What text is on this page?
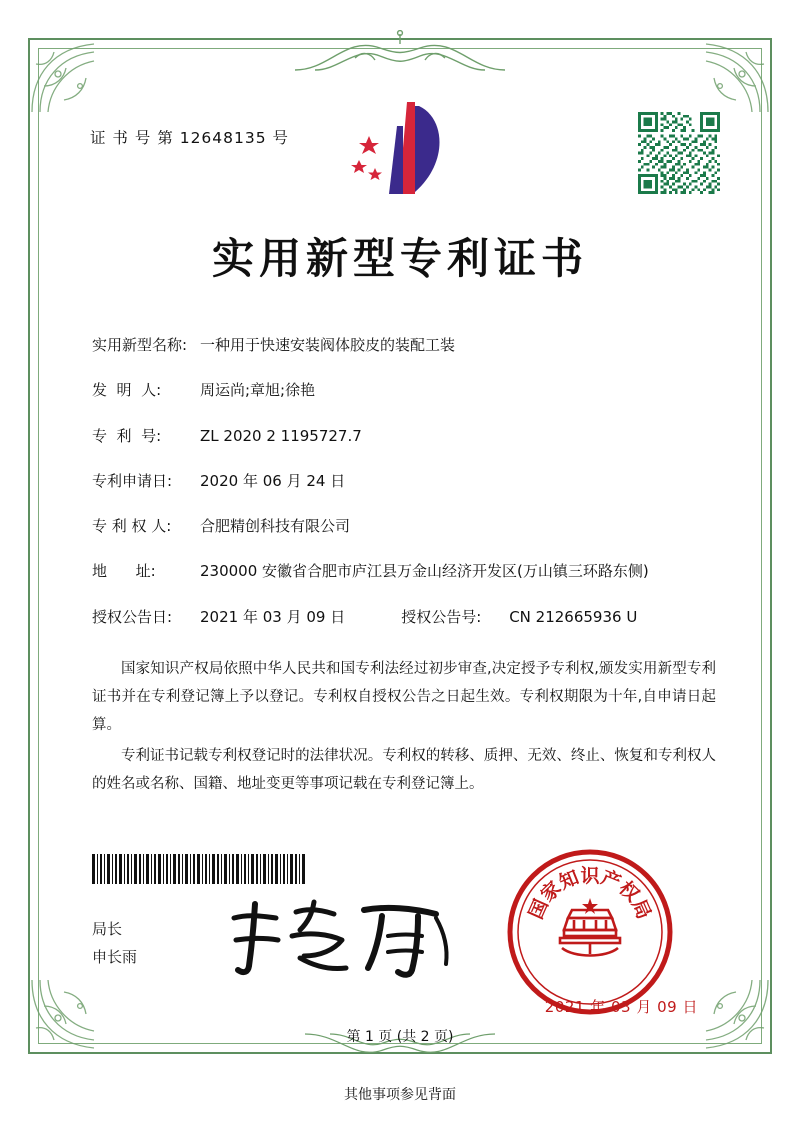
证 书 号 第 12648135 号
实用新型专利证书
实用新型名称: 一种用于快速安装阀体胶皮的装配工装
发  明  人:	周运尚;章旭;徐艳
专  利  号:	ZL 2020 2 1195727.7
专利申请日:	2020 年 06 月 24 日
专 利 权 人:	合肥精创科技有限公司
地      址:	230000 安徽省合肥市庐江县万金山经济开发区(万山镇三环路东侧)
授权公告日:	2021 年 03 月 09 日	授权公告号:	CN 212665936 U

国家知识产权局依照中华人民共和国专利法经过初步审查,决定授予专利权,颁发实用新型专利证书并在专利登记簿上予以登记。专利权自授权公告之日起生效。专利权期限为十年,自申请日起算。

专利证书记载专利权登记时的法律状况。专利权的转移、质押、无效、终止、恢复和专利权人的姓名或名称、国籍、地址变更等事项记载在专利登记簿上。

局长
申长雨
国
家
知
识
产
权
局
2021 年 03 月 09 日
第 1 页 (共 2 页)
其他事项参见背面
